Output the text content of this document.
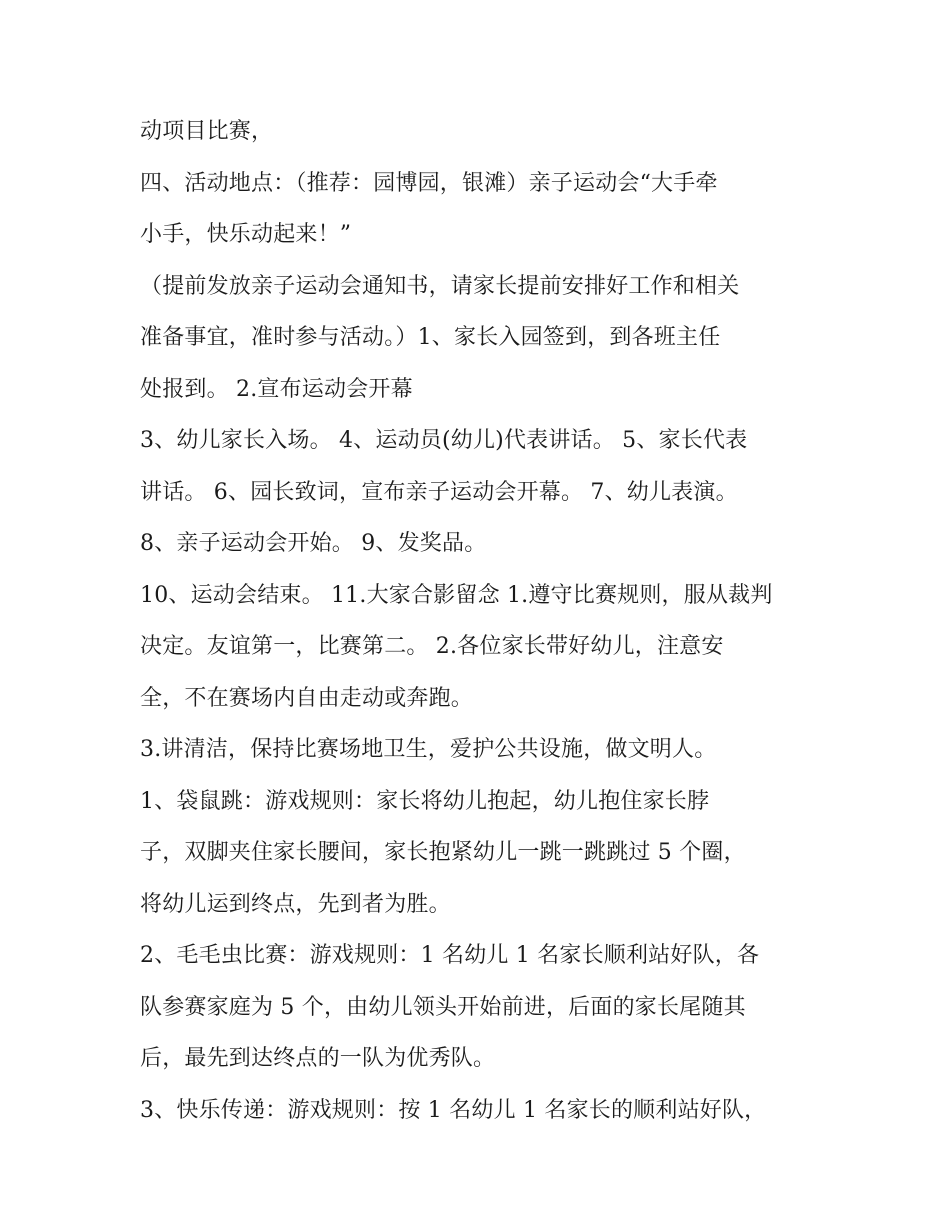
动项目比赛，
四、活动地点：（推荐：园博园，银滩）亲子运动会“大手牵
小手，快乐动起来！”
（提前发放亲子运动会通知书，请家长提前安排好工作和相关
准备事宜，准时参与活动。）1、家长入园签到，到各班主任
处报到。 2.宣布运动会开幕
3、幼儿家长入场。 4、运动员(幼儿)代表讲话。 5、家长代表
讲话。 6、园长致词，宣布亲子运动会开幕。 7、幼儿表演。
8、亲子运动会开始。 9、发奖品。
10、运动会结束。 11.大家合影留念 1.遵守比赛规则，服从裁判
决定。友谊第一，比赛第二。 2.各位家长带好幼儿，注意安
全，不在赛场内自由走动或奔跑。
3.讲清洁，保持比赛场地卫生，爱护公共设施，做文明人。
1、袋鼠跳：游戏规则：家长将幼儿抱起，幼儿抱住家长脖
子，双脚夹住家长腰间，家长抱紧幼儿一跳一跳跳过 5 个圈，
将幼儿运到终点，先到者为胜。
2、毛毛虫比赛：游戏规则：1 名幼儿 1 名家长顺利站好队，各
队参赛家庭为 5 个，由幼儿领头开始前进，后面的家长尾随其
后，最先到达终点的一队为优秀队。
3、快乐传递：游戏规则：按 1 名幼儿 1 名家长的顺利站好队，
